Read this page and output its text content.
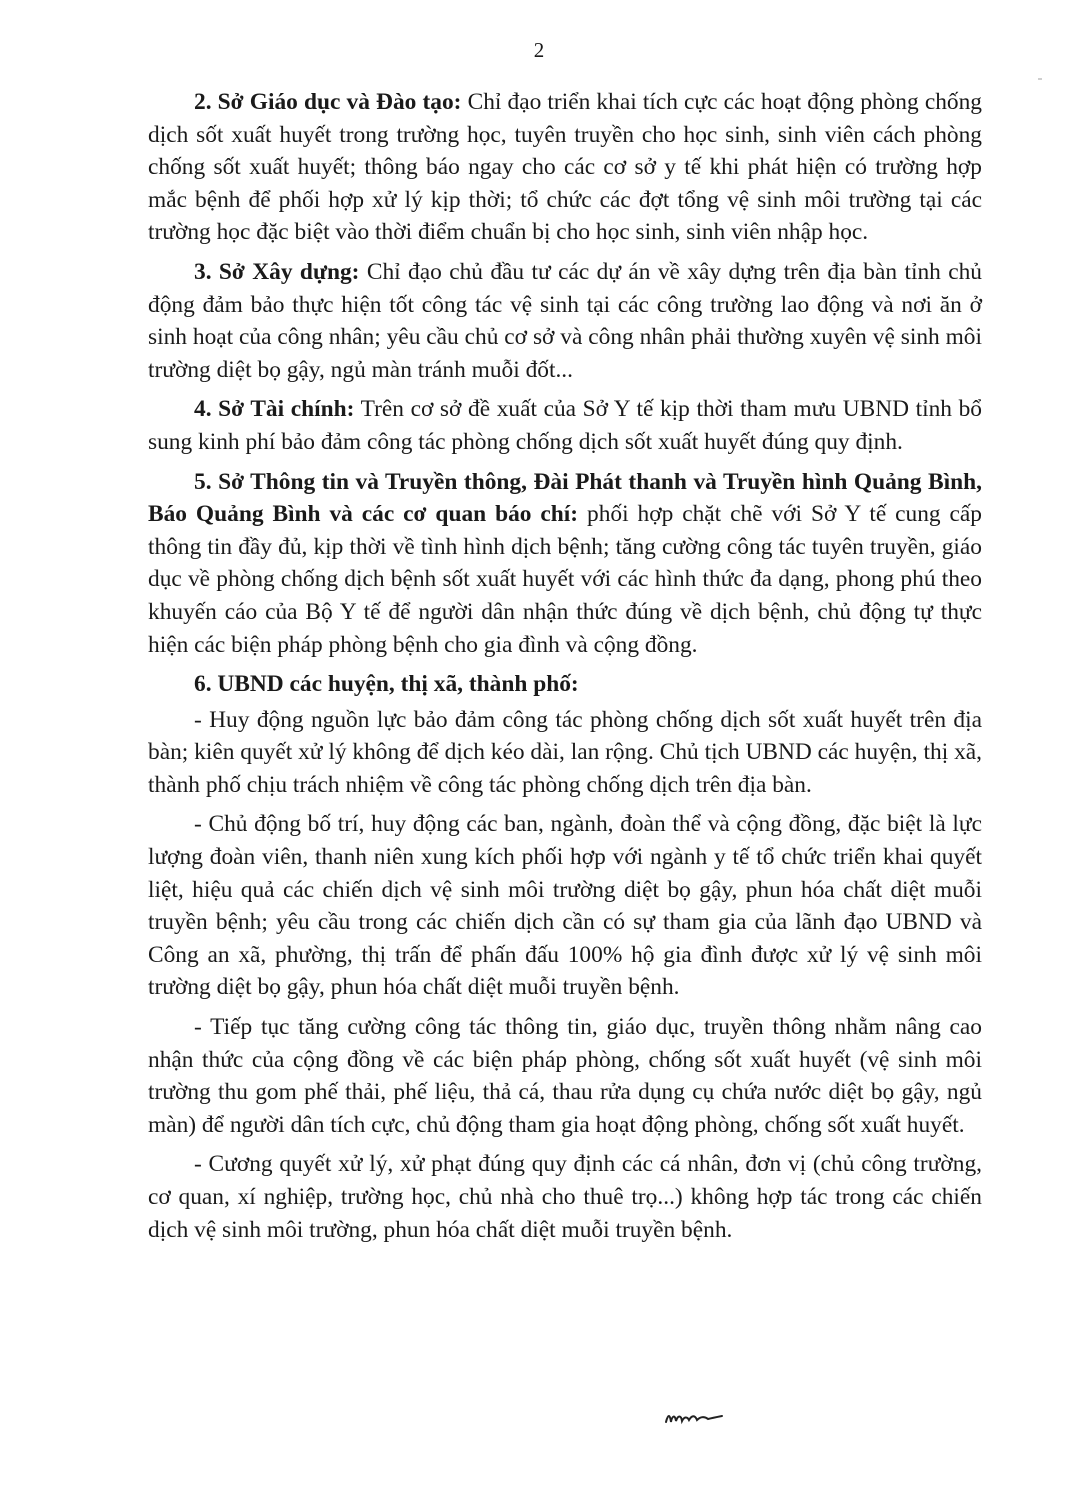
2

2. Sở Giáo dục và Đào tạo: Chỉ đạo triển khai tích cực các hoạt động phòng chống dịch sốt xuất huyết trong trường học, tuyên truyền cho học sinh, sinh viên cách phòng chống sốt xuất huyết; thông báo ngay cho các cơ sở y tế khi phát hiện có trường hợp mắc bệnh để phối hợp xử lý kịp thời; tổ chức các đợt tổng vệ sinh môi trường tại các trường học đặc biệt vào thời điểm chuẩn bị cho học sinh, sinh viên nhập học.

3. Sở Xây dựng: Chỉ đạo chủ đầu tư các dự án về xây dựng trên địa bàn tỉnh chủ động đảm bảo thực hiện tốt công tác vệ sinh tại các công trường lao động và nơi ăn ở sinh hoạt của công nhân; yêu cầu chủ cơ sở và công nhân phải thường xuyên vệ sinh môi trường diệt bọ gậy, ngủ màn tránh muỗi đốt...

4. Sở Tài chính: Trên cơ sở đề xuất của Sở Y tế kịp thời tham mưu UBND tỉnh bổ sung kinh phí bảo đảm công tác phòng chống dịch sốt xuất huyết đúng quy định.

5. Sở Thông tin và Truyền thông, Đài Phát thanh và Truyền hình Quảng Bình, Báo Quảng Bình và các cơ quan báo chí: phối hợp chặt chẽ với Sở Y tế cung cấp thông tin đầy đủ, kịp thời về tình hình dịch bệnh; tăng cường công tác tuyên truyền, giáo dục về phòng chống dịch bệnh sốt xuất huyết với các hình thức đa dạng, phong phú theo khuyến cáo của Bộ Y tế để người dân nhận thức đúng về dịch bệnh, chủ động tự thực hiện các biện pháp phòng bệnh cho gia đình và cộng đồng.

6. UBND các huyện, thị xã, thành phố:

- Huy động nguồn lực bảo đảm công tác phòng chống dịch sốt xuất huyết trên địa bàn; kiên quyết xử lý không để dịch kéo dài, lan rộng. Chủ tịch UBND các huyện, thị xã, thành phố chịu trách nhiệm về công tác phòng chống dịch trên địa bàn.

- Chủ động bố trí, huy động các ban, ngành, đoàn thể và cộng đồng, đặc biệt là lực lượng đoàn viên, thanh niên xung kích phối hợp với ngành y tế tổ chức triển khai quyết liệt, hiệu quả các chiến dịch vệ sinh môi trường diệt bọ gậy, phun hóa chất diệt muỗi truyền bệnh; yêu cầu trong các chiến dịch cần có sự tham gia của lãnh đạo UBND và Công an xã, phường, thị trấn để phấn đấu 100% hộ gia đình được xử lý vệ sinh môi trường diệt bọ gậy, phun hóa chất diệt muỗi truyền bệnh.

- Tiếp tục tăng cường công tác thông tin, giáo dục, truyền thông nhằm nâng cao nhận thức của cộng đồng về các biện pháp phòng, chống sốt xuất huyết (vệ sinh môi trường thu gom phế thải, phế liệu, thả cá, thau rửa dụng cụ chứa nước diệt bọ gậy, ngủ màn) để người dân tích cực, chủ động tham gia hoạt động phòng, chống sốt xuất huyết.

- Cương quyết xử lý, xử phạt đúng quy định các cá nhân, đơn vị (chủ công trường, cơ quan, xí nghiệp, trường học, chủ nhà cho thuê trọ...) không hợp tác trong các chiến dịch vệ sinh môi trường, phun hóa chất diệt muỗi truyền bệnh.
